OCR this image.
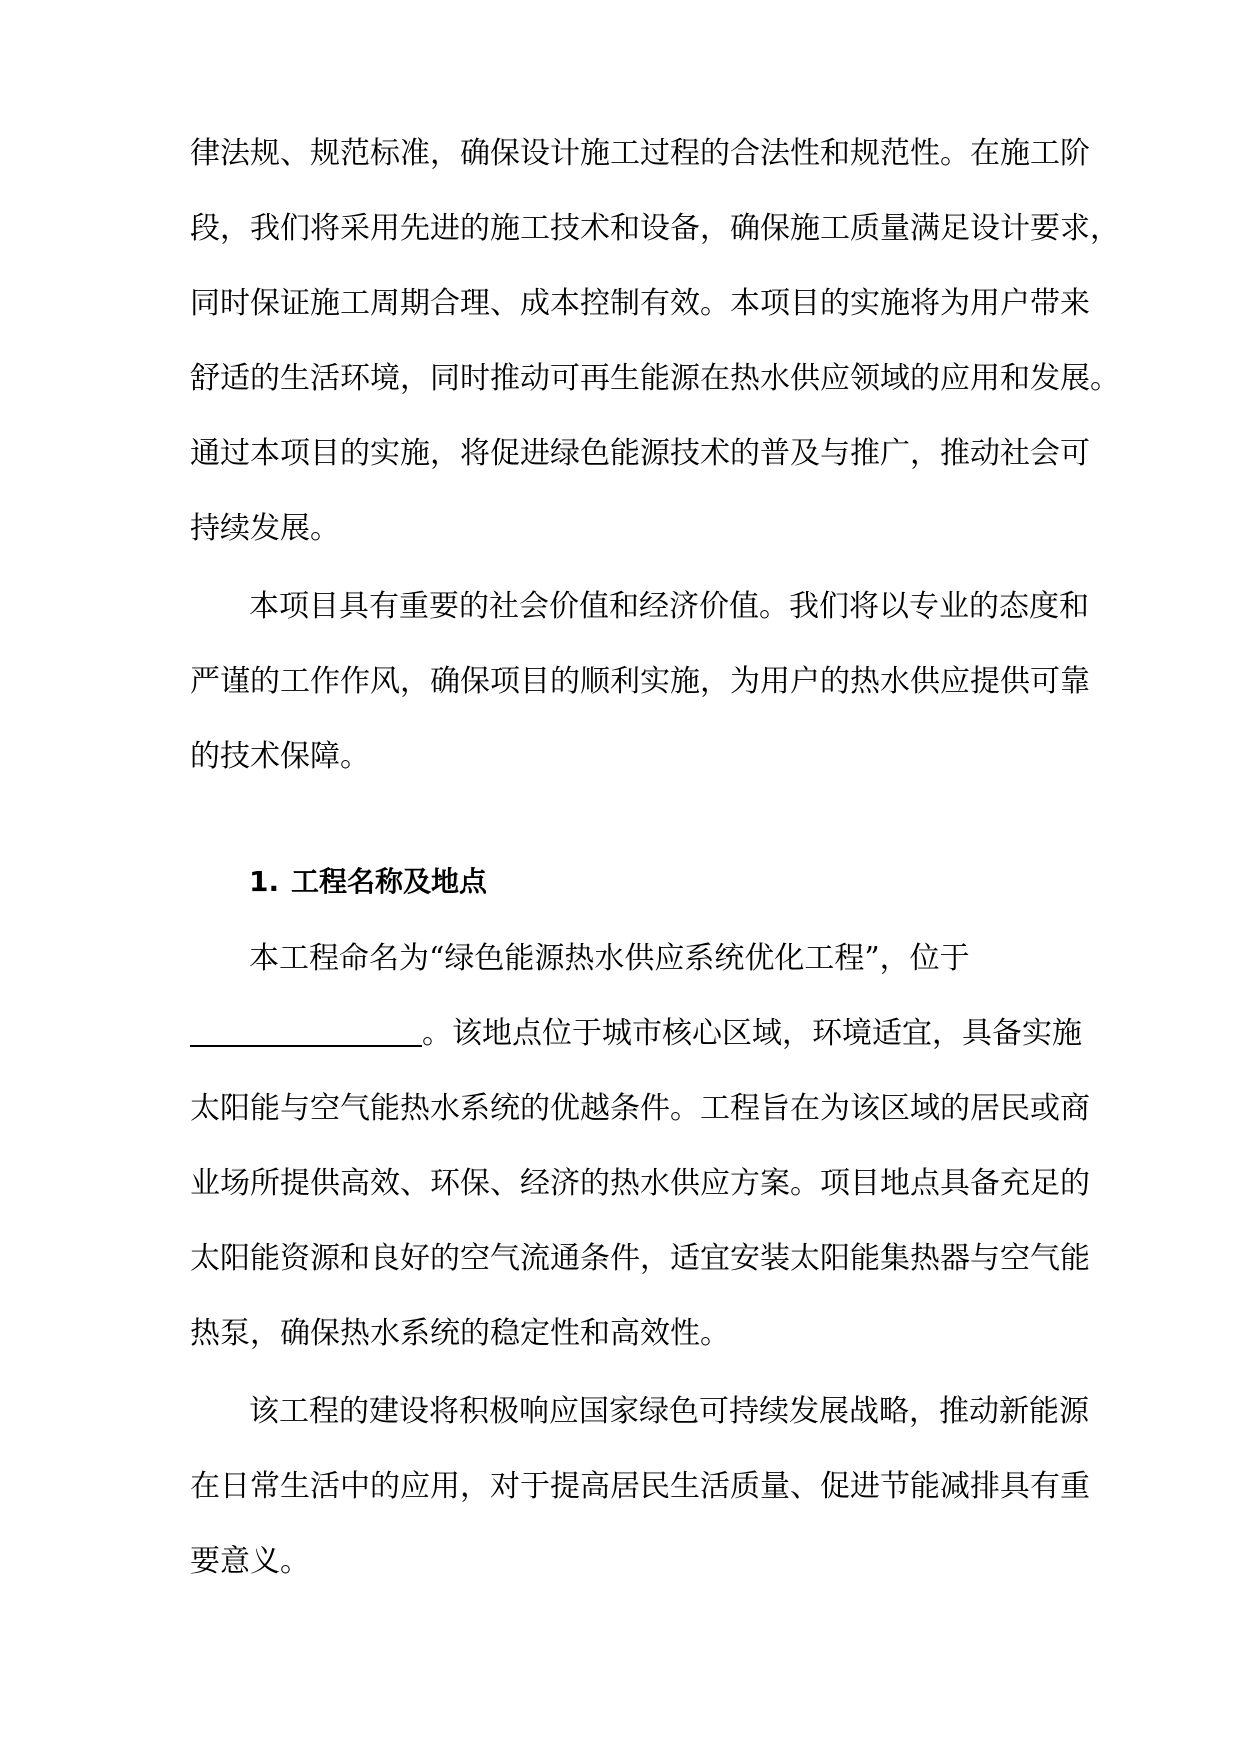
律法规、规范标准，确保设计施工过程的合法性和规范性。在施工阶
段，我们将采用先进的施工技术和设备，确保施工质量满足设计要求，
同时保证施工周期合理、成本控制有效。本项目的实施将为用户带来
舒适的生活环境，同时推动可再生能源在热水供应领域的应用和发展。
通过本项目的实施，将促进绿色能源技术的普及与推广，推动社会可
持续发展。
本项目具有重要的社会价值和经济价值。我们将以专业的态度和
严谨的工作作风，确保项目的顺利实施，为用户的热水供应提供可靠
的技术保障。
1. 工程名称及地点
本工程命名为“绿色能源热水供应系统优化工程”，位于
。该地点位于城市核心区域，环境适宜，具备实施
太阳能与空气能热水系统的优越条件。工程旨在为该区域的居民或商
业场所提供高效、环保、经济的热水供应方案。项目地点具备充足的
太阳能资源和良好的空气流通条件，适宜安装太阳能集热器与空气能
热泵，确保热水系统的稳定性和高效性。
该工程的建设将积极响应国家绿色可持续发展战略，推动新能源
在日常生活中的应用，对于提高居民生活质量、促进节能减排具有重
要意义。
